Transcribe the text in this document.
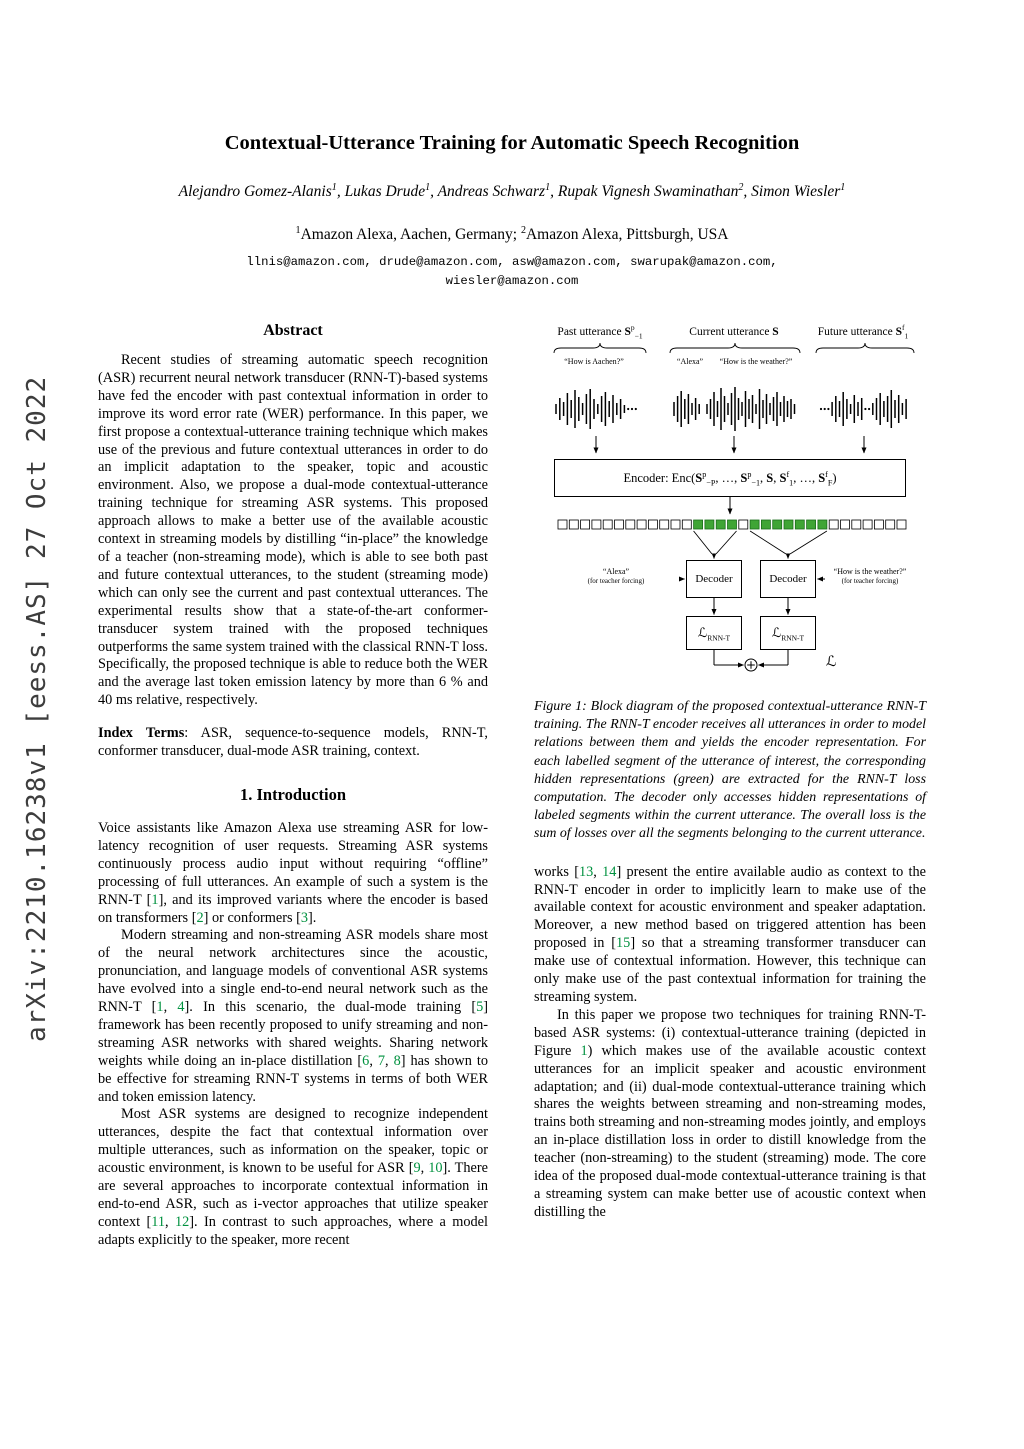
arXiv:2210.16238v1 [eess.AS] 27 Oct 2022
Contextual-Utterance Training for Automatic Speech Recognition
Alejandro Gomez-Alanis$^1$, Lukas Drude$^1$, Andreas Schwarz$^1$, Rupak Vignesh Swaminathan$^2$, Simon Wiesler$^1$
$^1$Amazon Alexa, Aachen, Germany; $^2$Amazon Alexa, Pittsburgh, USA
llnis@amazon.com, drude@amazon.com, asw@amazon.com, swarupak@amazon.com,
wiesler@amazon.com
Abstract

Recent studies of streaming automatic speech recognition (ASR) recurrent neural network transducer (RNN-T)-based systems have fed the encoder with past contextual information in order to improve its word error rate (WER) performance. In this paper, we first propose a contextual-utterance training technique which makes use of the previous and future contextual utterances in order to do an implicit adaptation to the speaker, topic and acoustic environment. Also, we propose a dual-mode contextual-utterance training technique for streaming ASR systems. This proposed approach allows to make a better use of the available acoustic context in streaming models by distilling “in-place” the knowledge of a teacher (non-streaming mode), which is able to see both past and future contextual utterances, to the student (streaming mode) which can only see the current and past contextual utterances. The experimental results show that a state-of-the-art conformer-transducer system trained with the proposed techniques outperforms the same system trained with the classical RNN-T loss. Specifically, the proposed technique is able to reduce both the WER and the average last token emission latency by more than 6 % and 40 ms relative, respectively.

Index Terms: ASR, sequence-to-sequence models, RNN-T, conformer transducer, dual-mode ASR training, context.

1. Introduction

Voice assistants like Amazon Alexa use streaming ASR for low-latency recognition of user requests. Streaming ASR systems continuously process audio input without requiring “offline” processing of full utterances. An example of such a system is the RNN-T [1], and its improved variants where the encoder is based on transformers [2] or conformers [3].

Modern streaming and non-streaming ASR models share most of the neural network architectures since the acoustic, pronunciation, and language models of conventional ASR systems have evolved into a single end-to-end neural network such as the RNN-T [1, 4]. In this scenario, the dual-mode training [5] framework has been recently proposed to unify streaming and non-streaming ASR networks with shared weights. Sharing network weights while doing an in-place distillation [6, 7, 8] has shown to be effective for streaming RNN-T systems in terms of both WER and token emission latency.

Most ASR systems are designed to recognize independent utterances, despite the fact that contextual information over multiple utterances, such as information on the speaker, topic or acoustic environment, is known to be useful for ASR [9, 10]. There are several approaches to incorporate contextual information in end-to-end ASR, such as i-vector approaches that utilize speaker context [11, 12]. In contrast to such approaches, where a model adapts explicitly to the speaker, more recent

Past utterance $S^p_{-1}$	Current utterance S	Future utterance $S^f_1$
“How is Aachen?”	“Alexa”	“How is the weather?”
Encoder: $Enc(S^p_{-P}$, …, $S^p_{-1}$, S, $S^f_1$, …, $S^f_F$)
Decoder	Decoder
“Alexa”
(for teacher forcing)
“How is the weather?”
(for teacher forcing)
ℒ$_{RNN-T}$	ℒ$_{RNN-T}$
ℒ
Figure 1: Block diagram of the proposed contextual-utterance RNN-T training. The RNN-T encoder receives all utterances in order to model relations between them and yields the encoder representation. For each labelled segment of the utterance of interest, the corresponding hidden representations (green) are extracted for the RNN-T loss computation. The decoder only accesses hidden representations of labeled segments within the current utterance. The overall loss is the sum of losses over all the segments belonging to the current utterance.

works [13, 14] present the entire available audio as context to the RNN-T encoder in order to implicitly learn to make use of the available context for acoustic environment and speaker adaptation. Moreover, a new method based on triggered attention has been proposed in [15] so that a streaming transformer transducer can make use of contextual information. However, this technique can only make use of the past contextual information for training the streaming system.

In this paper we propose two techniques for training RNN-T-based ASR systems: (i) contextual-utterance training (depicted in Figure 1) which makes use of the available acoustic context utterances for an implicit speaker and acoustic environment adaptation; and (ii) dual-mode contextual-utterance training which shares the weights between streaming and non-streaming modes, trains both streaming and non-streaming modes jointly, and employs an in-place distillation loss in order to distill knowledge from the teacher (non-streaming) to the student (streaming) mode. The core idea of the proposed dual-mode contextual-utterance training is that a streaming system can make better use of acoustic context when distilling the
